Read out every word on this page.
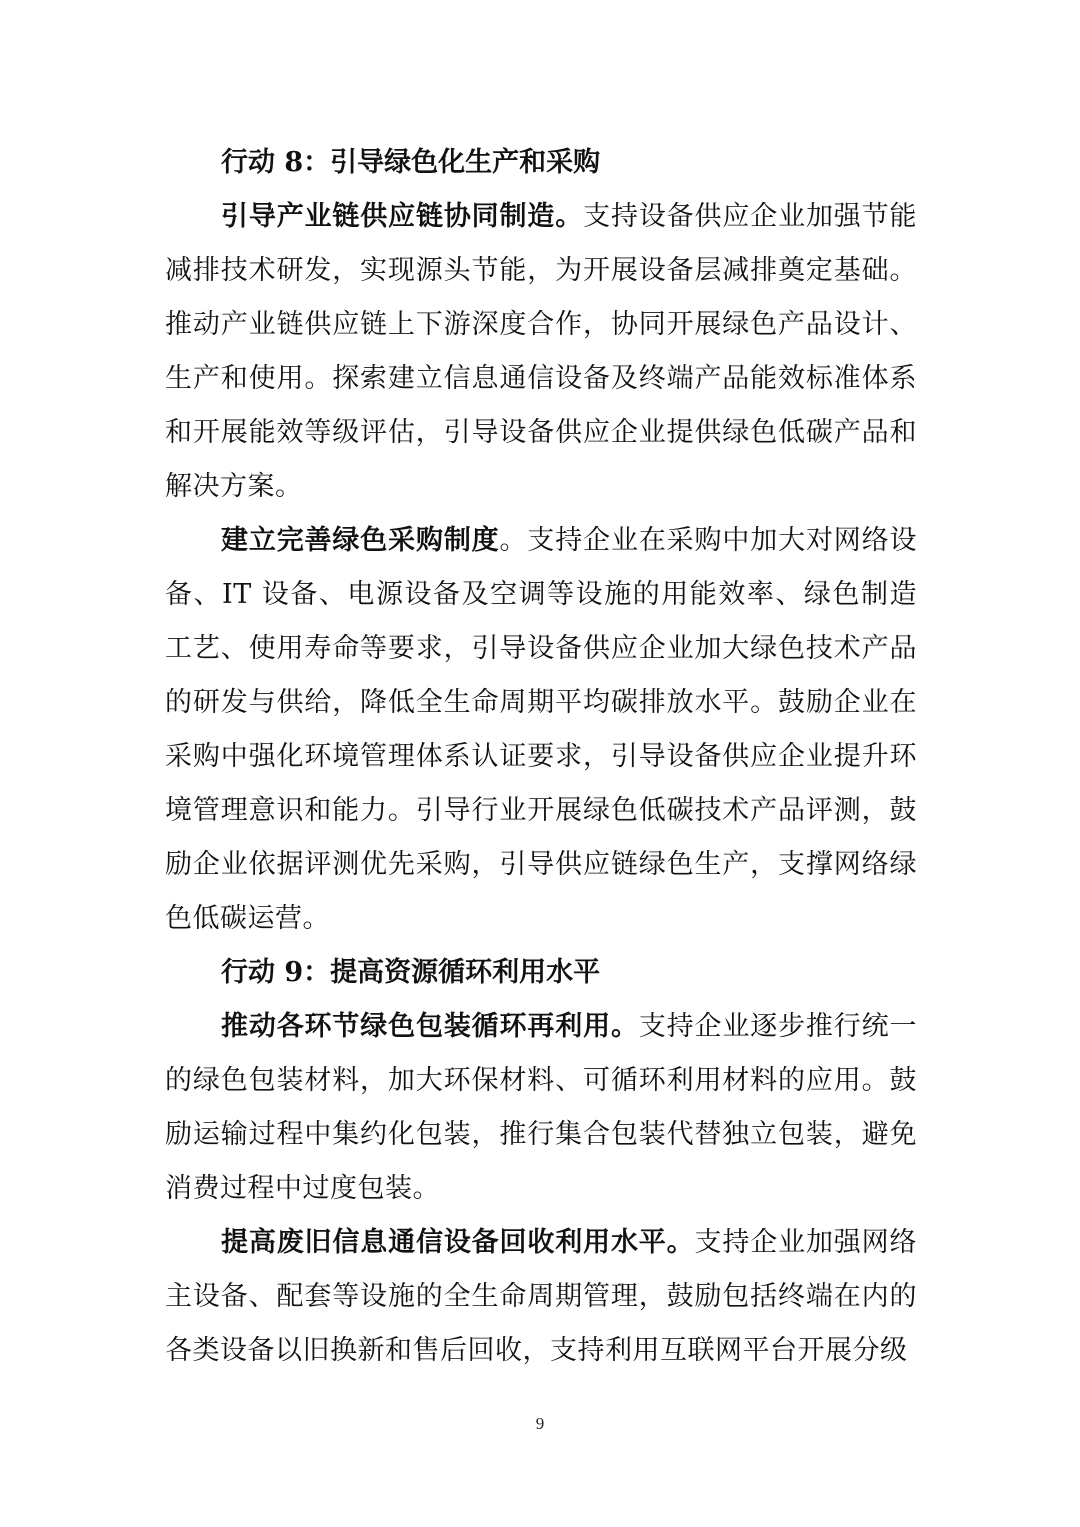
行动 8：引导绿色化生产和采购

引导产业链供应链协同制造。支持设备供应企业加强节能减排技术研发，实现源头节能，为开展设备层减排奠定基础。推动产业链供应链上下游深度合作，协同开展绿色产品设计、生产和使用。探索建立信息通信设备及终端产品能效标准体系和开展能效等级评估，引导设备供应企业提供绿色低碳产品和解决方案。

建立完善绿色采购制度。支持企业在采购中加大对网络设备、IT 设备、电源设备及空调等设施的用能效率、绿色制造工艺、使用寿命等要求，引导设备供应企业加大绿色技术产品的研发与供给，降低全生命周期平均碳排放水平。鼓励企业在采购中强化环境管理体系认证要求，引导设备供应企业提升环境管理意识和能力。引导行业开展绿色低碳技术产品评测，鼓励企业依据评测优先采购，引导供应链绿色生产，支撑网络绿色低碳运营。

行动 9：提高资源循环利用水平

推动各环节绿色包装循环再利用。支持企业逐步推行统一的绿色包装材料，加大环保材料、可循环利用材料的应用。鼓励运输过程中集约化包装，推行集合包装代替独立包装，避免消费过程中过度包装。

提高废旧信息通信设备回收利用水平。支持企业加强网络主设备、配套等设施的全生命周期管理，鼓励包括终端在内的各类设备以旧换新和售后回收，支持利用互联网平台开展分级

9
